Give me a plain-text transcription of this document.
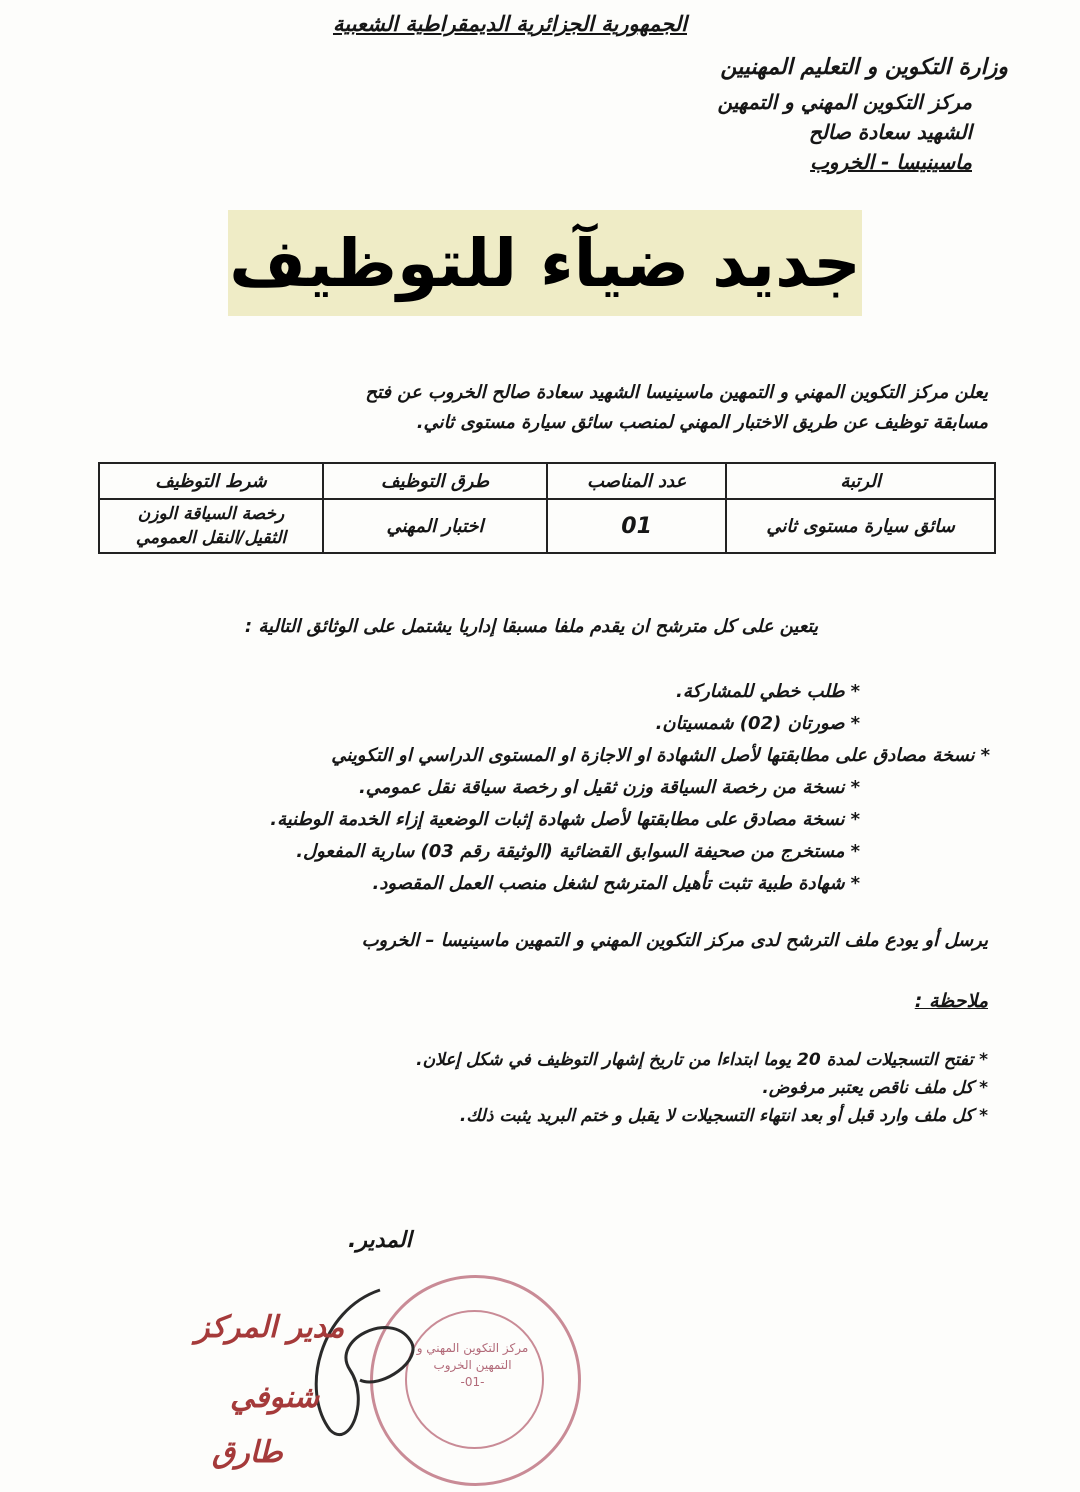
الجمهورية الجزائرية الديمقراطية الشعبية
وزارة التكوين و التعليم المهنيين
مركز التكوين المهني و التمهين
الشهيد سعادة صالح
ماسينيسا - الخروب
جديد ضيآء للتوظيف
يعلن مركز التكوين المهني و التمهين ماسينيسا الشهيد سعادة صالح الخروب عن فتح
مسابقة توظيف عن طريق الاختبار المهني لمنصب سائق سيارة مستوى ثاني.
الرتبة	عدد المناصب	طرق التوظيف	شرط التوظيف
سائق سيارة مستوى ثاني	01	اختبار المهني	رخصة السياقة الوزن
الثقيل/النقل العمومي
يتعين على كل مترشح ان يقدم ملفا مسبقا إداريا يشتمل على الوثائق التالية :
*طلب خطي للمشاركة.
*صورتان (02) شمسيتان.
*نسخة مصادق على مطابقتها لأصل الشهادة او الاجازة او المستوى الدراسي او التكويني
*نسخة من رخصة السياقة وزن ثقيل او رخصة سياقة نقل عمومي.
*نسخة مصادق على مطابقتها لأصل شهادة إثبات الوضعية إزاء الخدمة الوطنية.
*مستخرج من صحيفة السوابق القضائية (الوثيقة رقم 03) سارية المفعول.
*شهادة طبية تثبت تأهيل المترشح لشغل منصب العمل المقصود.
يرسل أو يودع ملف الترشح لدى مركز التكوين المهني و التمهين ماسينيسا – الخروب
ملاحظة :
* تفتح التسجيلات لمدة 20 يوما ابتداءا من تاريخ إشهار التوظيف في شكل إعلان.
* كل ملف ناقص يعتبر مرفوض.
* كل ملف وارد قبل أو بعد انتهاء التسجيلات لا يقبل و ختم البريد يثبت ذلك.
المدير.
مركز التكوين المهني و التمهين الخروب
-01-
مدير المركز
شنوفي
طارق
